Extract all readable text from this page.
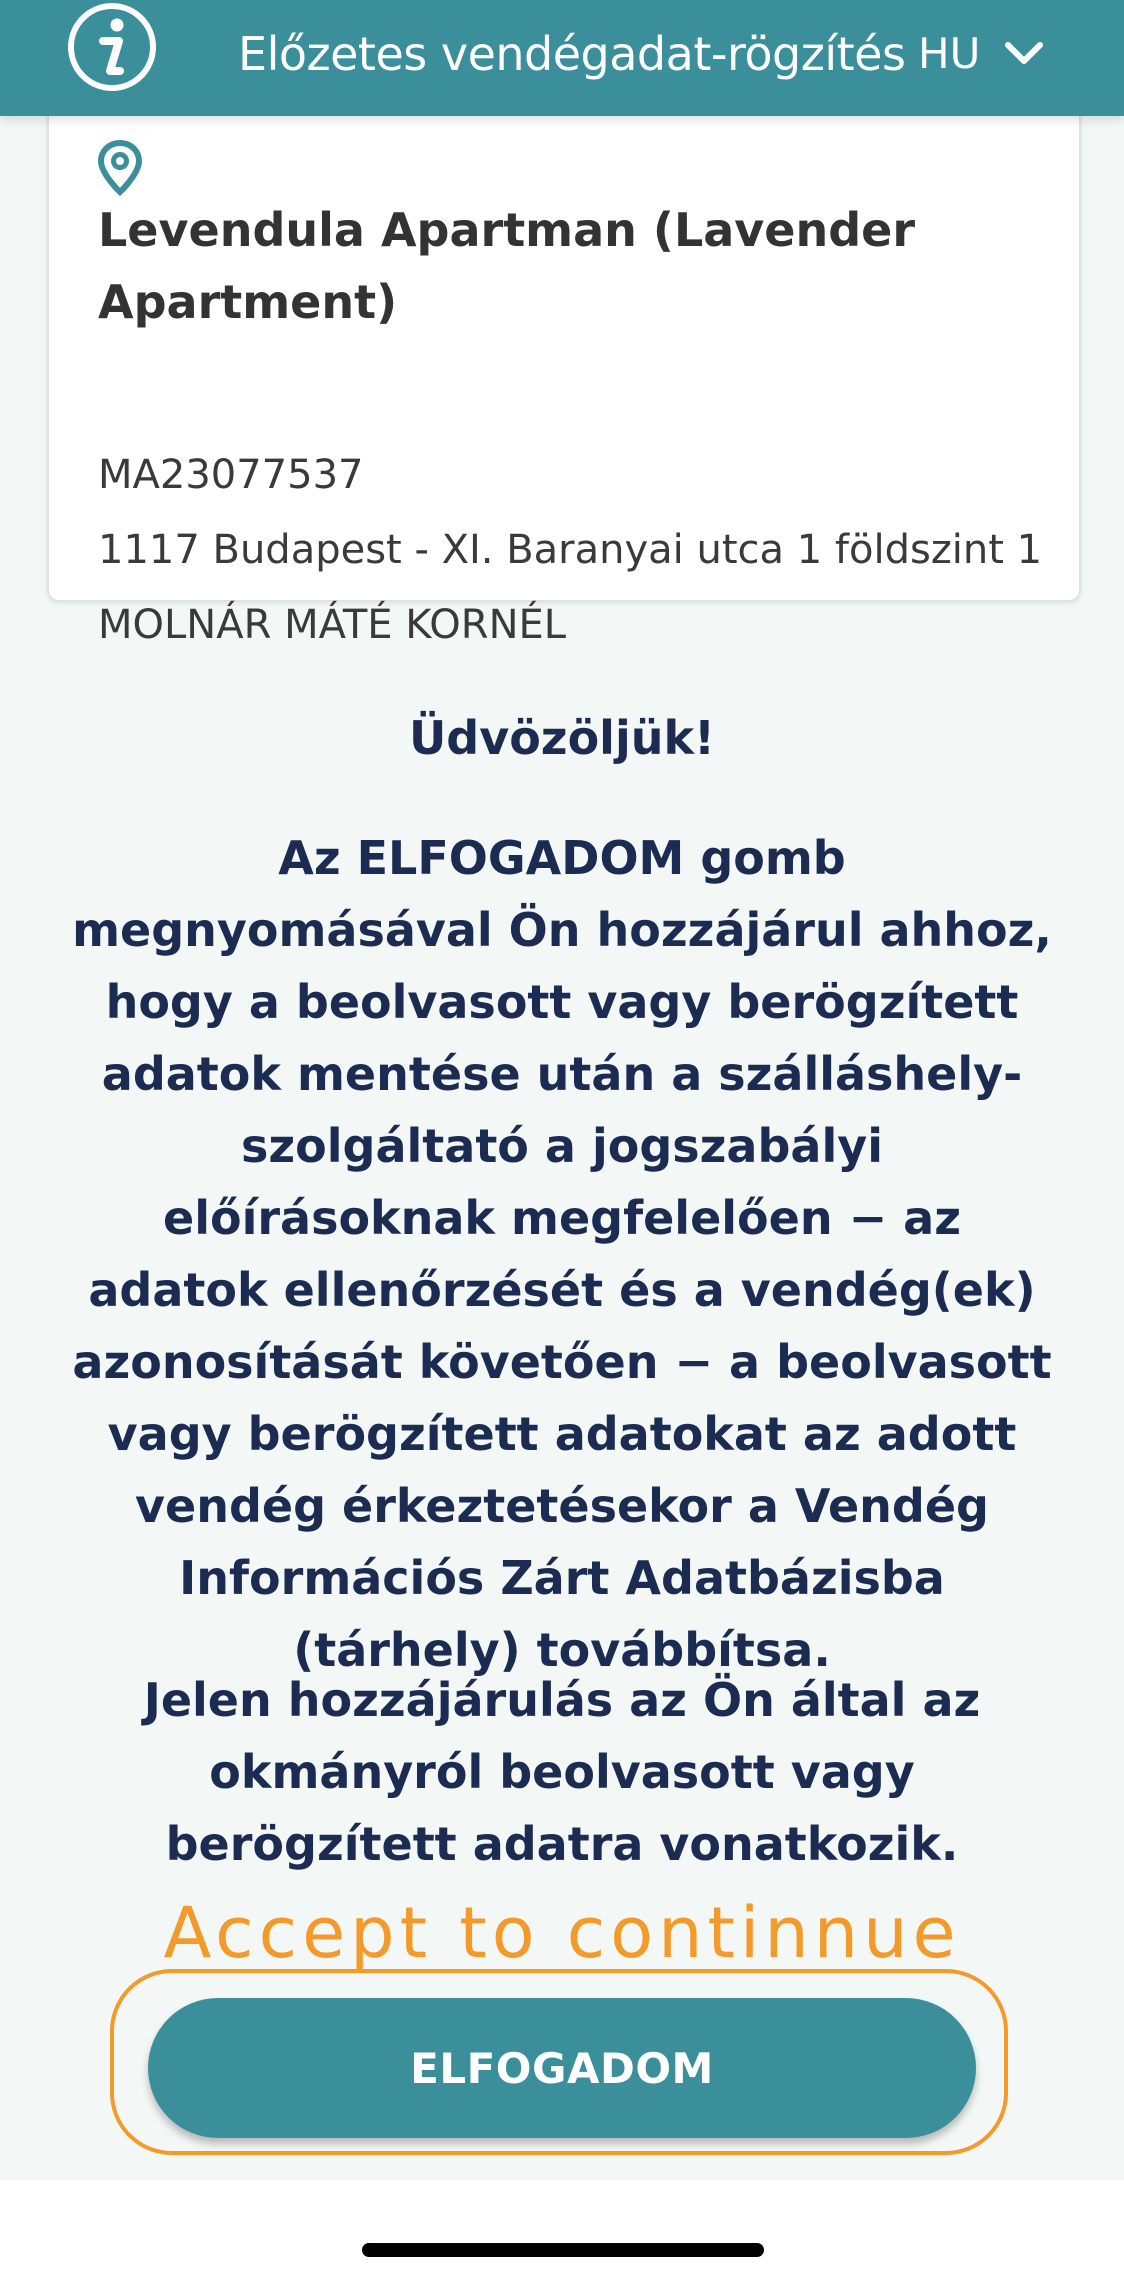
Levendula Apartman (Lavender Apartment)
MA23077537
1117 Budapest - XI. Baranyai utca 1 földszint 1
MOLNÁR MÁTÉ KORNÉL
Előzetes vendégadat-rögzítés HU
Üdvözöljük!
Az ELFOGADOM gomb megnyomásával Ön hozzájárul ahhoz, hogy a beolvasott vagy berögzített adatok mentése után a szálláshely-szolgáltató a jogszabályi előírásoknak megfelelően − az adatok ellenőrzését és a vendég(ek) azonosítását követően − a beolvasott vagy berögzített adatokat az adott vendég érkeztetésekor a Vendég Információs Zárt Adatbázisba (tárhely) továbbítsa.
Jelen hozzájárulás az Ön által az okmányról beolvasott vagy berögzített adatra vonatkozik.
Accept to continnue
ELFOGADOM
